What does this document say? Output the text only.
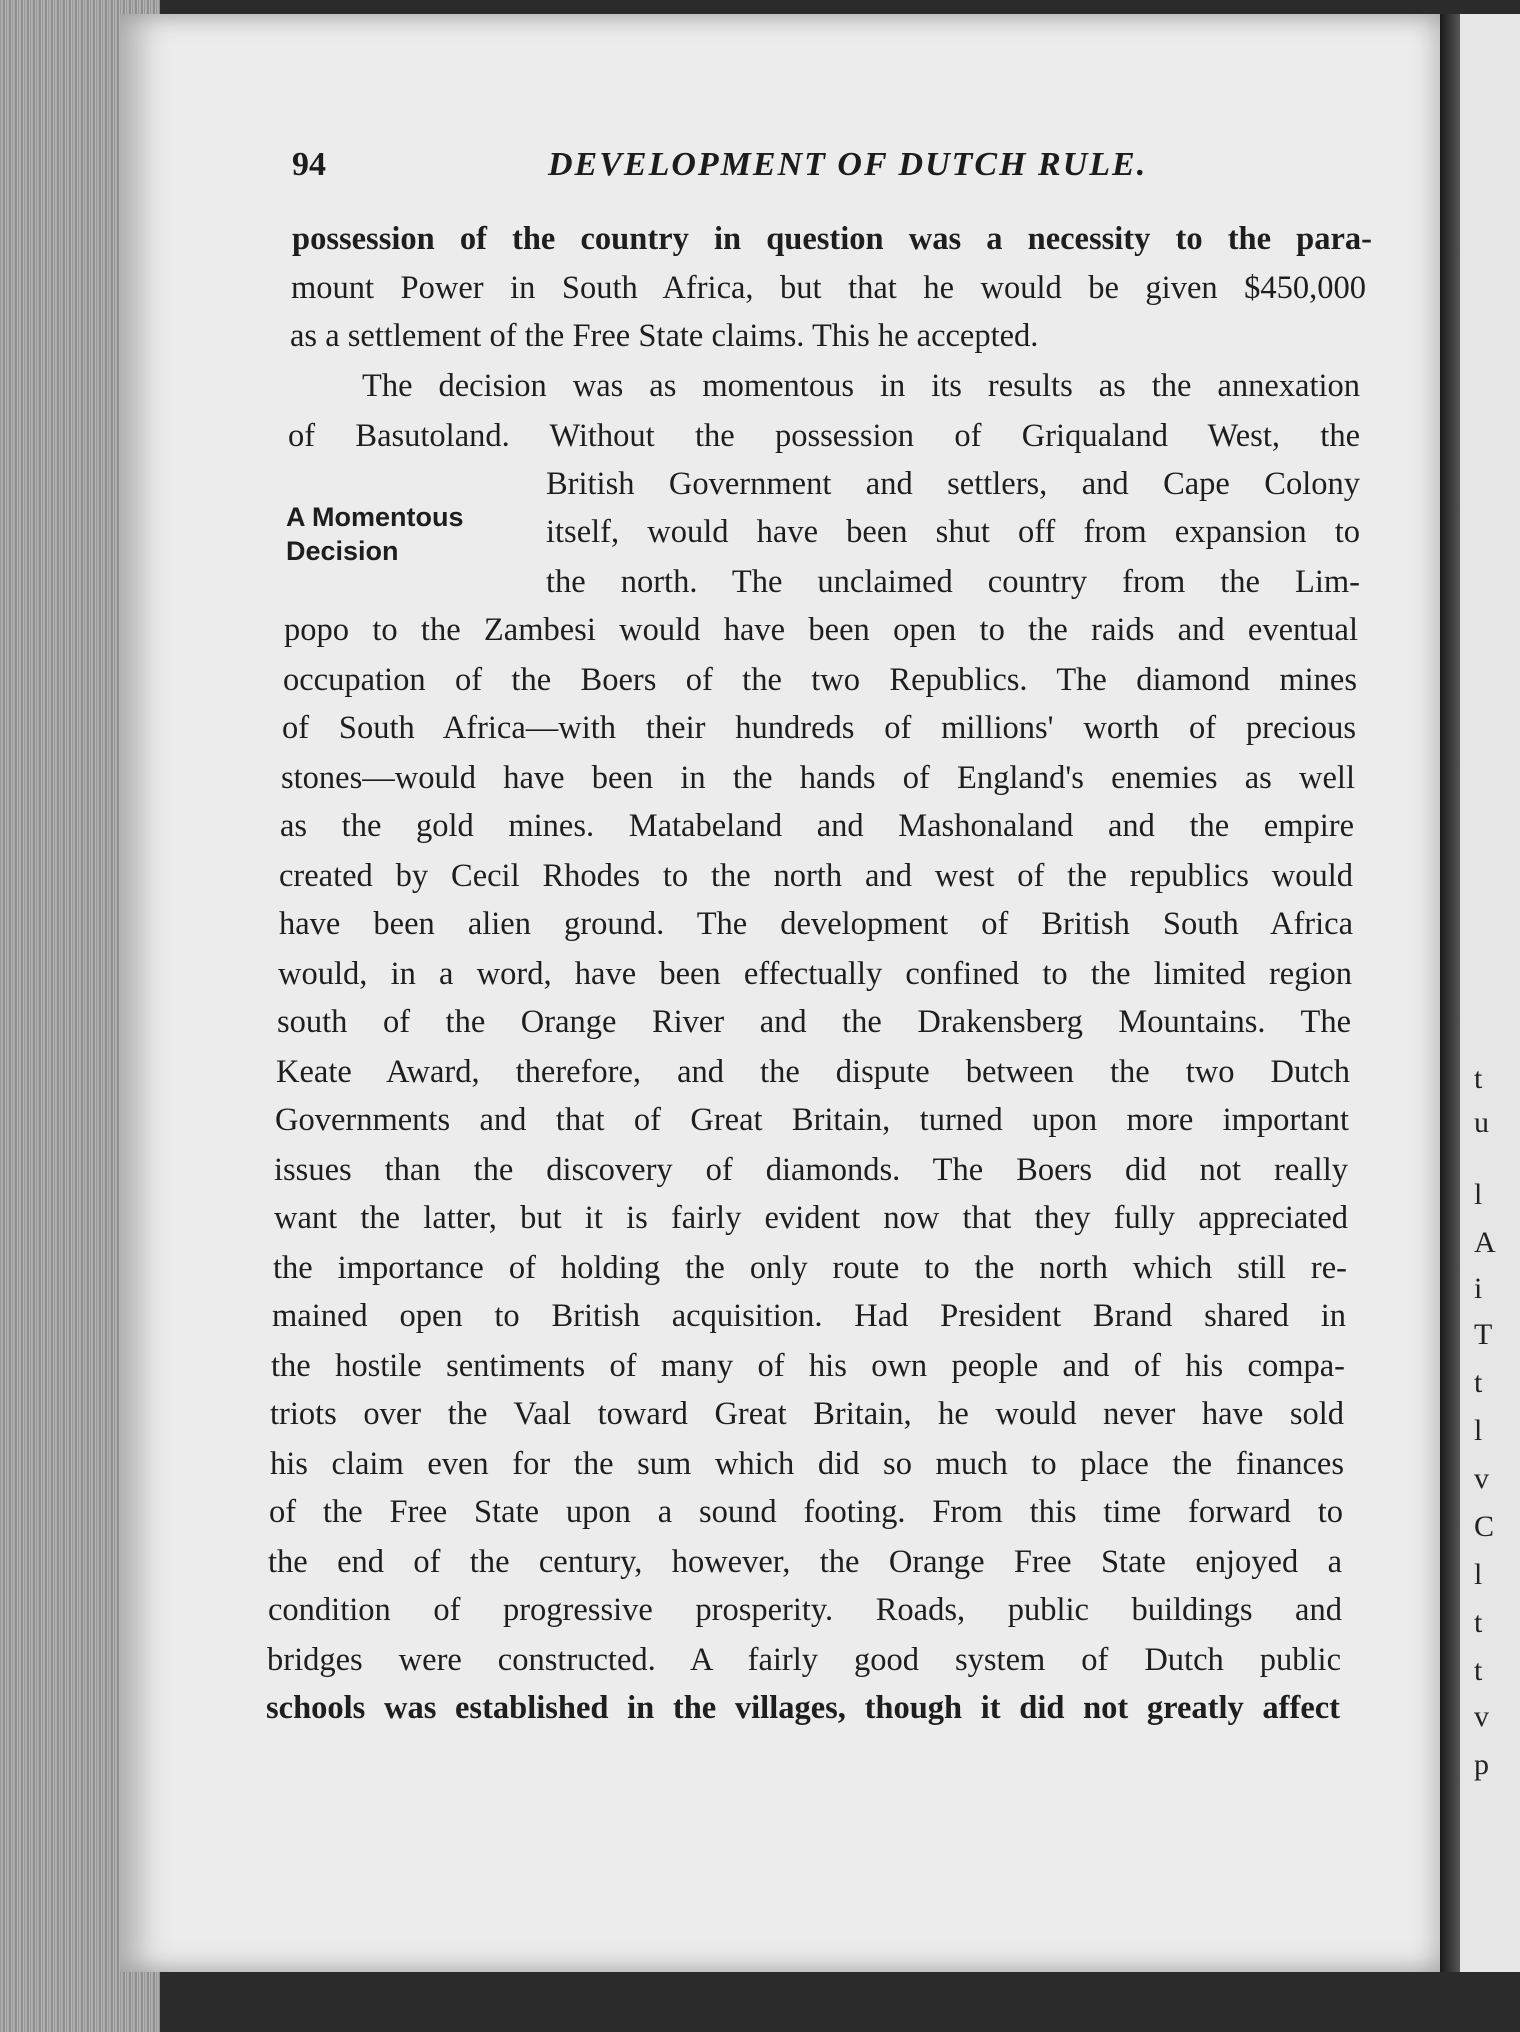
t
u
l
A
i
T
t
l
v
C
l
t
t
v
p
94	DEVELOPMENT OF DUTCH RULE.
A Momentous
Decision
possession of the country in question was a necessity to the para-
mount Power in South Africa, but that he would be given $450,000
as a settlement of the Free State claims. This he accepted.
The decision was as momentous in its results as the annexation
of Basutoland. Without the possession of Griqualand West, the
British Government and settlers, and Cape Colony
itself, would have been shut off from expansion to
the north. The unclaimed country from the Lim-
popo to the Zambesi would have been open to the raids and eventual
occupation of the Boers of the two Republics. The diamond mines
of South Africa—with their hundreds of millions' worth of precious
stones—would have been in the hands of England's enemies as well
as the gold mines. Matabeland and Mashonaland and the empire
created by Cecil Rhodes to the north and west of the republics would
have been alien ground. The development of British South Africa
would, in a word, have been effectually confined to the limited region
south of the Orange River and the Drakensberg Mountains. The
Keate Award, therefore, and the dispute between the two Dutch
Governments and that of Great Britain, turned upon more important
issues than the discovery of diamonds. The Boers did not really
want the latter, but it is fairly evident now that they fully appreciated
the importance of holding the only route to the north which still re-
mained open to British acquisition. Had President Brand shared in
the hostile sentiments of many of his own people and of his compa-
triots over the Vaal toward Great Britain, he would never have sold
his claim even for the sum which did so much to place the finances
of the Free State upon a sound footing. From this time forward to
the end of the century, however, the Orange Free State enjoyed a
condition of progressive prosperity. Roads, public buildings and
bridges were constructed. A fairly good system of Dutch public
schools was established in the villages, though it did not greatly affect
